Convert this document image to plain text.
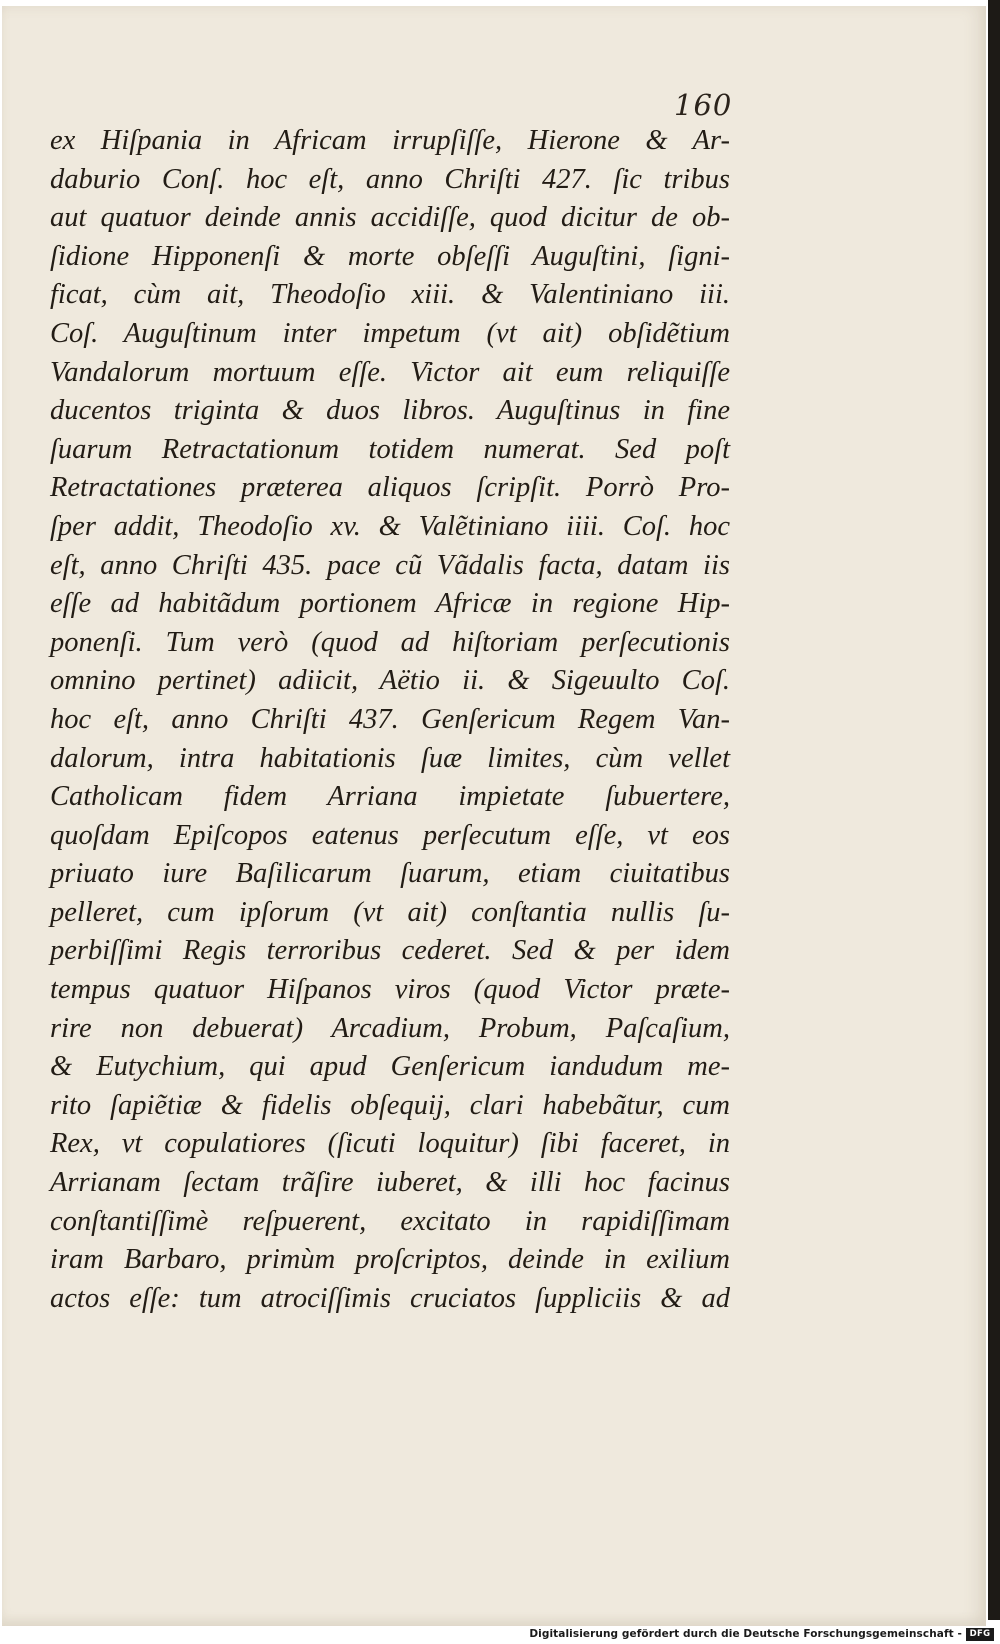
160
ex Hiſpania in Africam irrupſiſſe, Hierone & Ar-
daburio Conſ. hoc eſt, anno Chriſti 427. ſic tribus
aut quatuor deinde annis accidiſſe, quod dicitur de ob-
ſidione Hipponenſi & morte obſeſſi Auguſtini, ſigni-
ficat, cùm ait, Theodoſio xiii. & Valentiniano iii.
Coſ. Auguſtinum inter impetum (vt ait) obſidẽtium
Vandalorum mortuum eſſe. Victor ait eum reliquiſſe
ducentos triginta & duos libros. Auguſtinus in fine
ſuarum Retractationum totidem numerat. Sed poſt
Retractationes præterea aliquos ſcripſit. Porrò Pro-
ſper addit, Theodoſio xv. & Valẽtiniano iiii. Coſ. hoc
eſt, anno Chriſti 435. pace cũ Vãdalis facta, datam iis
eſſe ad habitãdum portionem Africæ in regione Hip-
ponenſi. Tum verò (quod ad hiſtoriam perſecutionis
omnino pertinet) adiicit, Aëtio ii. & Sigeuulto Coſ.
hoc eſt, anno Chriſti 437. Genſericum Regem Van-
dalorum, intra habitationis ſuæ limites, cùm vellet
Catholicam fidem Arriana impietate ſubuertere,
quoſdam Epiſcopos eatenus perſecutum eſſe, vt eos
priuato iure Baſilicarum ſuarum, etiam ciuitatibus
pelleret, cum ipſorum (vt ait) conſtantia nullis ſu-
perbiſſimi Regis terroribus cederet. Sed & per idem
tempus quatuor Hiſpanos viros (quod Victor præte-
rire non debuerat) Arcadium, Probum, Paſcaſium,
& Eutychium, qui apud Genſericum iandudum me-
rito ſapiẽtiæ & fidelis obſequij, clari habebãtur, cum
Rex, vt copulatiores (ſicuti loquitur) ſibi faceret, in
Arrianam ſectam trãſire iuberet, & illi hoc facinus
conſtantiſſimè reſpuerent, excitato in rapidiſſimam
iram Barbaro, primùm proſcriptos, deinde in exilium
actos eſſe: tum atrociſſimis cruciatos ſuppliciis & ad
Digitalisierung gefördert durch die Deutsche Forschungsgemeinschaft - DFG
